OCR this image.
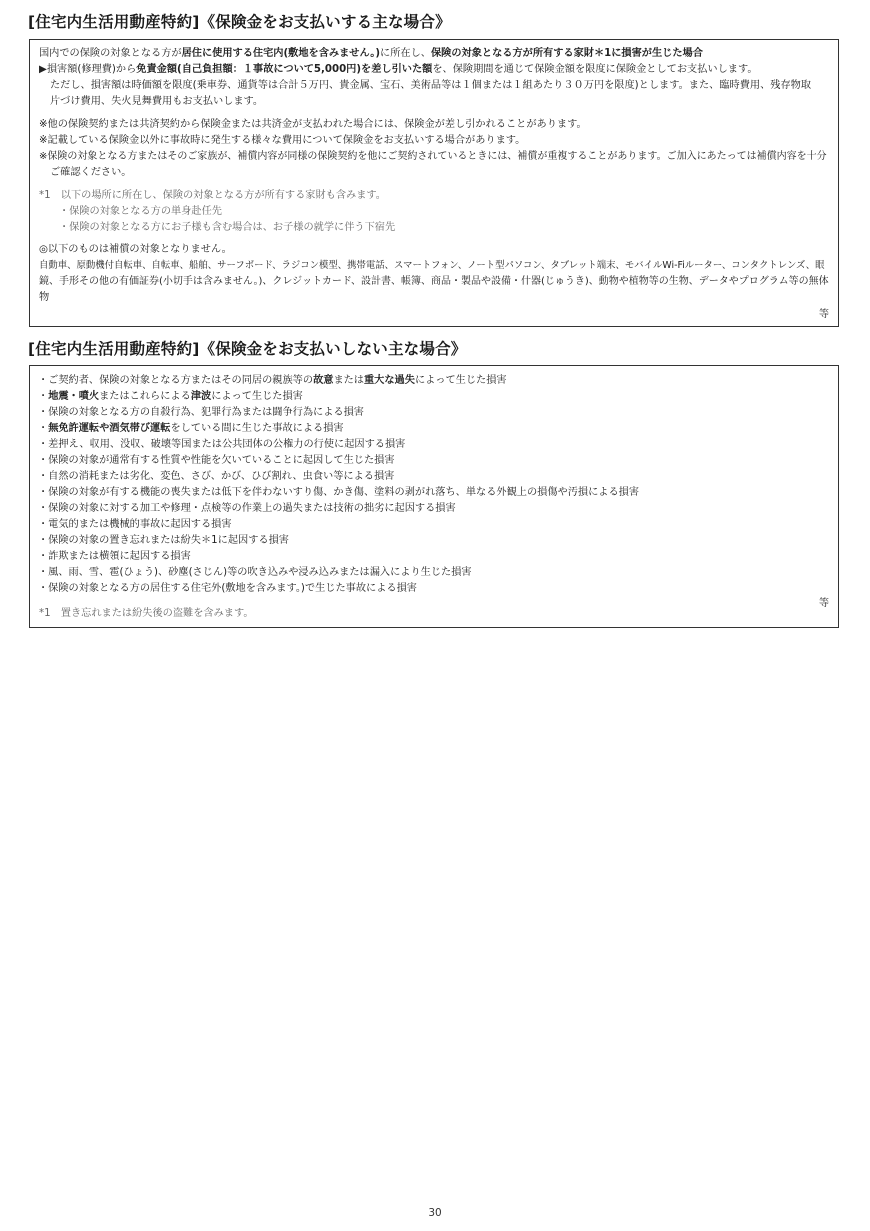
[住宅内生活用動産特約]《保険金をお支払いする主な場合》
国内での保険の対象となる方が居住に使用する住宅内(敷地を含みません。)に所在し、保険の対象となる方が所有する家財＊1に損害が生じた場合
▶損害額(修理費)から免責金額(自己負担額：１事故について5,000円)を差し引いた額を、保険期間を通じて保険金額を限度に保険金としてお支払いします。
ただし、損害額は時価額を限度(乗車券、通貨等は合計５万円、貴金属、宝石、美術品等は１個または１組あたり３０万円を限度)とします。また、臨時費用、残存物取
片づけ費用、失火見舞費用もお支払いします。
※他の保険契約または共済契約から保険金または共済金が支払われた場合には、保険金が差し引かれることがあります。
※記載している保険金以外に事故時に発生する様々な費用について保険金をお支払いする場合があります。
※保険の対象となる方またはそのご家族が、補償内容が同様の保険契約を他にご契約されているときには、補償が重複することがあります。ご加入にあたっては補償内容を十分
ご確認ください。
*1　以下の場所に所在し、保険の対象となる方が所有する家財も含みます。
・保険の対象となる方の単身赴任先
・保険の対象となる方にお子様も含む場合は、お子様の就学に伴う下宿先
◎以下のものは補償の対象となりません。
自動車、原動機付自転車、自転車、船舶、サーフボード、ラジコン模型、携帯電話、スマートフォン、ノート型パソコン、タブレット端末、モバイルWi-Fiルーター、コンタクトレンズ、眼
鏡、手形その他の有価証券(小切手は含みません。)、クレジットカード、設計書、帳簿、商品・製品や設備・什器(じゅうき)、動物や植物等の生物、データやプログラム等の無体
物
等
[住宅内生活用動産特約]《保険金をお支払いしない主な場合》
・ご契約者、保険の対象となる方またはその同居の親族等の故意または重大な過失によって生じた損害
・地震・噴火またはこれらによる津波によって生じた損害
・保険の対象となる方の自殺行為、犯罪行為または闘争行為による損害
・無免許運転や酒気帯び運転をしている間に生じた事故による損害
・差押え、収用、没収、破壊等国または公共団体の公権力の行使に起因する損害
・保険の対象が通常有する性質や性能を欠いていることに起因して生じた損害
・自然の消耗または劣化、変色、さび、かび、ひび割れ、虫食い等による損害
・保険の対象が有する機能の喪失または低下を伴わないすり傷、かき傷、塗料の剥がれ落ち、単なる外観上の損傷や汚損による損害
・保険の対象に対する加工や修理・点検等の作業上の過失または技術の拙劣に起因する損害
・電気的または機械的事故に起因する損害
・保険の対象の置き忘れまたは紛失＊1に起因する損害
・詐欺または横領に起因する損害
・風、雨、雪、雹(ひょう)、砂塵(さじん)等の吹き込みや浸み込みまたは漏入により生じた損害
・保険の対象となる方の居住する住宅外(敷地を含みます。)で生じた事故による損害
等
*1　置き忘れまたは紛失後の盗難を含みます。
30
